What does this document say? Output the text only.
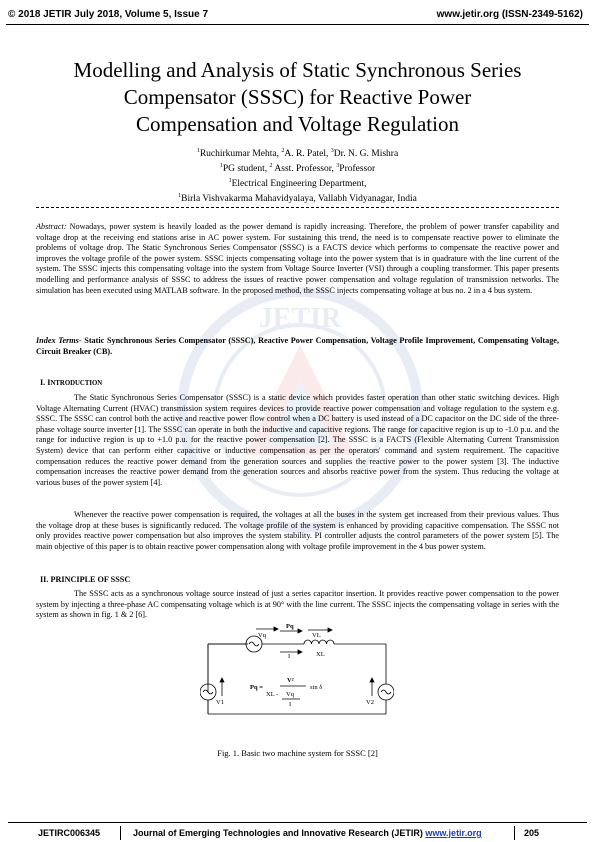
© 2018 JETIR July 2018, Volume 5, Issue 7	www.jetir.org (ISSN-2349-5162)
JETIR
Modelling and Analysis of Static Synchronous Series
Compensator (SSSC) for Reactive Power
Compensation and Voltage Regulation
$^1$Ruchirkumar Mehta, $^2$A. R. Patel, $^3$Dr. N. G. Mishra
$^1$PG student, $^2$ Asst. Professor, $^3$Professor
$^1$Electrical Engineering Department,
$^1$Birla Vishvakarma Mahavidyalaya, Vallabh Vidyanagar, India
Abstract: Nowadays, power system is heavily loaded as the power demand is rapidly increasing. Therefore, the problem of power transfer capability and voltage drop at the receiving end stations arise in AC power system. For sustaining this trend, the need is to compensate reactive power to eliminate the problems of voltage drop. The Static Synchronous Series Compensator (SSSC) is a FACTS device which performs to compensate the reactive power and improves the voltage profile of the power system. SSSC injects compensating voltage into the power system that is in quadrature with the line current of the system. The SSSC injects this compensating voltage into the system from Voltage Source Inverter (VSI) through a coupling transformer. This paper presents modelling and performance analysis of SSSC to address the issues of reactive power compensation and voltage regulation of transmission networks. The simulation has been executed using MATLAB software. In the proposed method, the SSSC injects compensating voltage at bus no. 2 in a 4 bus system.
Index Terms- Static Synchronous Series Compensator (SSSC), Reactive Power Compensation, Voltage Profile Improvement, Compensating Voltage, Circuit Breaker (CB).
I. INTRODUCTION
The Static Synchronous Series Compensator (SSSC) is a static device which provides faster operation than other static switching devices. High Voltage Alternating Current (HVAC) transmission system requires devices to provide reactive power compensation and voltage regulation to the system e.g. SSSC. The SSSC can control both the active and reactive power flow control when a DC battery is used instead of a DC capacitor on the DC side of the three-phase voltage source inverter [1]. The SSSC can operate in both the inductive and capacitive regions. The range for capacitive region is up to -1.0 p.u. and the range for inductive region is up to +1.0 p.u. for the reactive power compensation [2]. The SSSC is a FACTS (Flexible Alternating Current Transmission System) device that can perform either capacitive or inductive compensation as per the operators' command and system requirement. The capacitive compensation reduces the reactive power demand from the generation sources and supplies the reactive power to the power system [3]. The inductive compensation increases the reactive power demand from the generation sources and absorbs reactive power from the system. Thus reducing the voltage at various buses of the power system [4].
Whenever the reactive power compensation is required, the voltages at all the buses in the system get increased from their previous values. Thus the voltage drop at these buses is significantly reduced. The voltage profile of the system is enhanced by providing capacitive compensation. The SSSC not only provides reactive power compensation but also improves the system stability. PI controller adjusts the control parameters of the power system [5]. The main objective of this paper is to obtain reactive power compensation along with voltage profile improvement in the 4 bus power system.
II. PRINCIPLE OF SSSC
The SSSC acts as a synchronous voltage source instead of just a series capacitor insertion. It provides reactive power compensation to the power system by injecting a three-phase AC compensating voltage which is at 90° with the line current. The SSSC injects the compensating voltage in series with the system as shown in fig. 1 & 2 [6].
Vq
Pq
I
VL
XL
V1	V2
Pq =
V²
sin δ
XL - Vq
I
Fig. 1. Basic two machine system for SSSC [2]
JETIRC006345	Journal of Emerging Technologies and Innovative Research (JETIR) www.jetir.org	205
